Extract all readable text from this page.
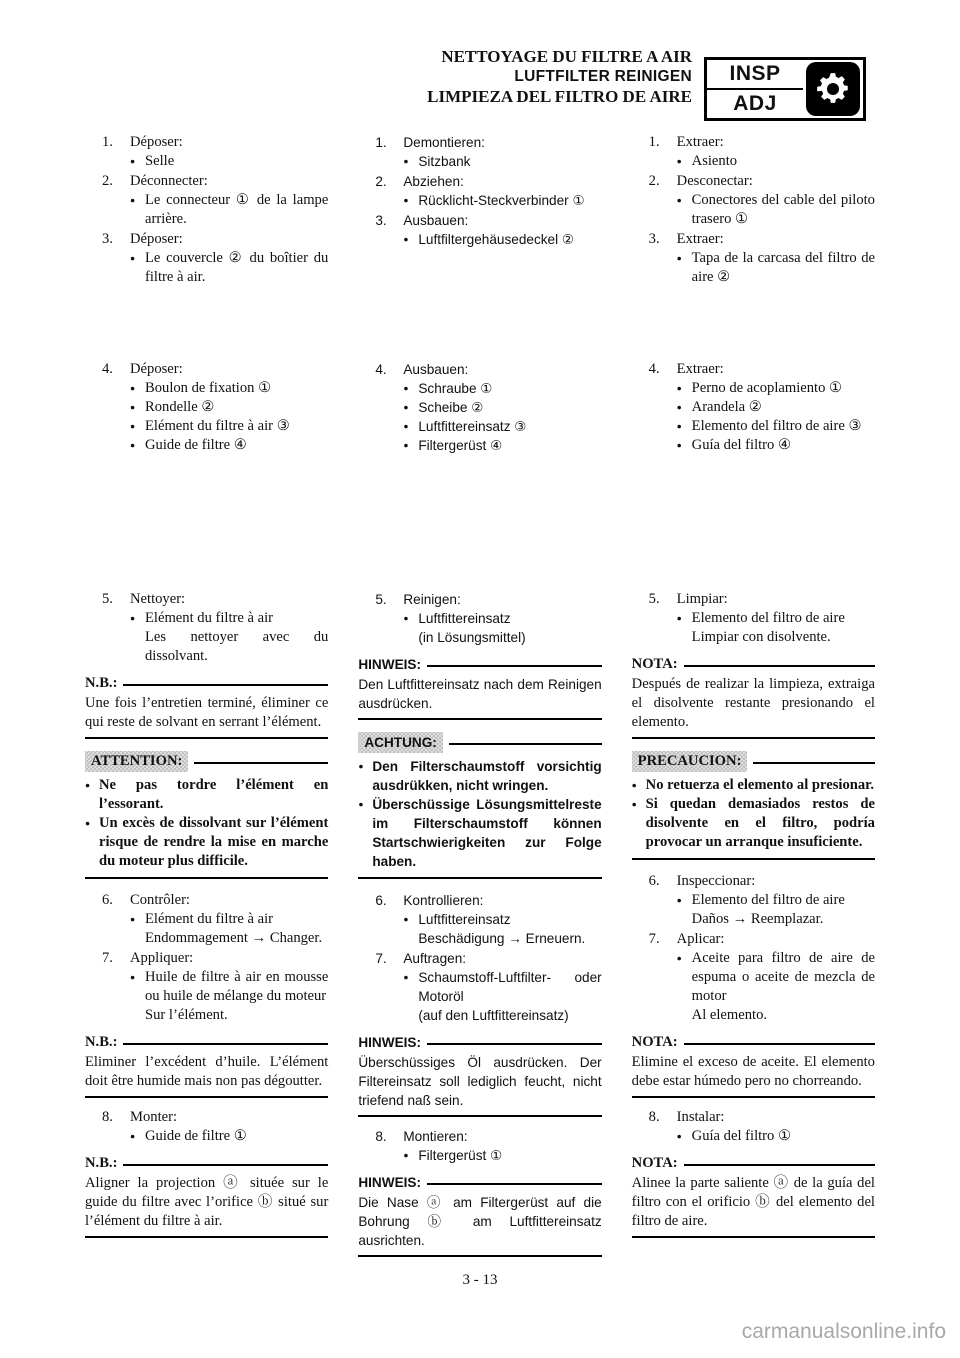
NETTOYAGE DU FILTRE A AIR
LUFTFILTER REINIGEN
LIMPIEZA DEL FILTRO DE AIRE
INSP
ADJ
1.	Déposer:
● Selle
2.	Déconnecter:
● Le connecteur ① de la lampe arrière.
3.	Déposer:
● Le couvercle ② du boîtier du filtre à air.
1.	Demontieren:
● Sitzbank
2.	Abziehen:
● Rücklicht-Steckverbinder ①
3.	Ausbauen:
● Luftfiltergehäusedeckel ②
1.	Extraer:
● Asiento
2.	Desconectar:
● Conectores del cable del piloto trasero ①
3.	Extraer:
● Tapa de la carcasa del filtro de aire ②
4.	Déposer:
● Boulon de fixation ①
● Rondelle ②
● Elément du filtre à air ③
● Guide de filtre ④
4.	Ausbauen:
● Schraube ①
● Scheibe ②
● Luftfittereinsatz ③
● Filtergerüst ④
4.	Extraer:
● Perno de acoplamiento ①
● Arandela ②
● Elemento del filtro de aire ③
● Guía del filtro ④
5.	Nettoyer:
● Elément du filtre à air
Les nettoyer avec du dissolvant.
N.B.:
Une fois l’entretien terminé, éliminer ce qui reste de solvant en serrant l’élément.
ATTENTION:
● Ne pas tordre l’élément en l’essorant.
● Un excès de dissolvant sur l’élément risque de rendre la mise en marche du moteur plus difficile.
6.	Contrôler:
● Elément du filtre à air
Endommagement → Changer.
7.	Appliquer:
● Huile de filtre à air en mousse ou huile de mélange du moteur
Sur l’élément.
N.B.:
Eliminer l’excédent d’huile. L’élément doit être humide mais non pas dégoutter.
8.	Monter:
● Guide de filtre ①
N.B.:
Aligner la projection ⓐ située sur le guide du filtre avec l’orifice ⓑ situé sur l’élément du filtre à air.
5.	Reinigen:
● Luftfittereinsatz
(in Lösungsmittel)
HINWEIS:
Den Luftfittereinsatz nach dem Reinigen ausdrücken.
ACHTUNG:
● Den Filterschaumstoff vorsichtig ausdrükken, nicht wringen.
● Überschüssige Lösungsmittelreste im Filterschaumstoff können Startschwierigkeiten zur Folge haben.
6.	Kontrollieren:
● Luftfittereinsatz
Beschädigung → Erneuern.
7.	Auftragen:
● Schaumstoff-Luftfilter- oder Motoröl
(auf den Luftfittereinsatz)
HINWEIS:
Überschüssiges Öl ausdrücken. Der Filtereinsatz soll lediglich feucht, nicht triefend naß sein.
8.	Montieren:
● Filtergerüst ①
HINWEIS:
Die Nase ⓐ am Filtergerüst auf die Bohrung ⓑ am Luftfittereinsatz ausrichten.
5.	Limpiar:
● Elemento del filtro de aire
Limpiar con disolvente.
NOTA:
Después de realizar la limpieza, extraiga el disolvente restante presionando el elemento.
PRECAUCION:
● No retuerza el elemento al presionar.
● Si quedan demasiados restos de disolvente en el filtro, podría provocar un arranque insuficiente.
6.	Inspeccionar:
● Elemento del filtro de aire
Daños → Reemplazar.
7.	Aplicar:
● Aceite para filtro de aire de espuma o aceite de mezcla de motor
Al elemento.
NOTA:
Elimine el exceso de aceite. El elemento debe estar húmedo pero no chorreando.
8.	Instalar:
● Guía del filtro ①
NOTA:
Alinee la parte saliente ⓐ de la guía del filtro con el orificio ⓑ del elemento del filtro de aire.
3 - 13
carmanualsonline.info
